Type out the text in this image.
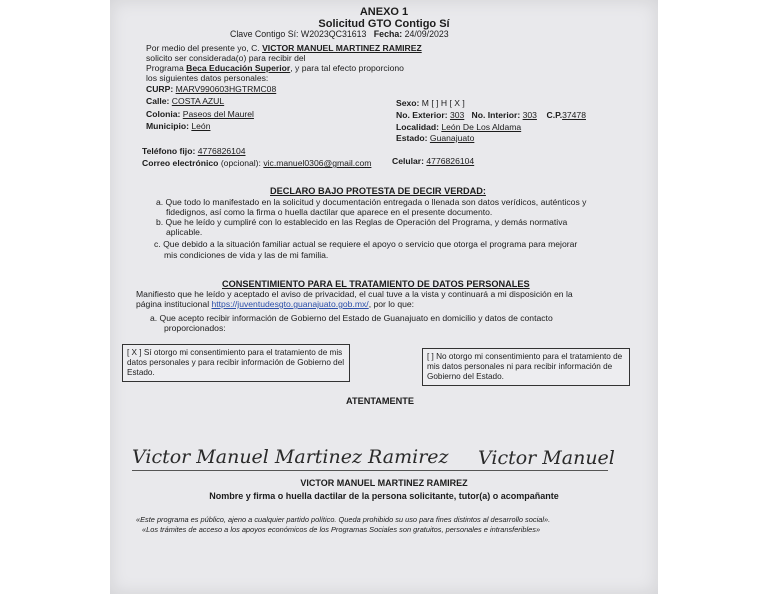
ANEXO 1
Solicitud GTO Contigo Sí
Clave Contigo Sí: W2023QC31613 Fecha: 24/09/2023
Por medio del presente yo, C. VICTOR MANUEL MARTINEZ RAMIREZ
solicito ser considerada(o) para recibir del
Programa Beca Educación Superior, y para tal efecto proporciono
los siguientes datos personales:
CURP: MARV990603HGTRMC08
Calle: COSTA AZUL
Colonia: Paseos del Maurel
Municipio: León
Sexo: M [ ] H [ X ]
No. Exterior: 303 No. Interior: 303 C.P.37478
Localidad: León De Los Aldama
Estado: Guanajuato
Teléfono fijo: 4776826104
Correo electrónico (opcional): vic.manuel0306@gmail.com Celular: 4776826104
DECLARO BAJO PROTESTA DE DECIR VERDAD:
a. Que todo lo manifestado en la solicitud y documentación entregada o llenada son datos verídicos, auténticos y
fidedignos, así como la firma o huella dactilar que aparece en el presente documento.
b. Que he leído y cumpliré con lo establecido en las Reglas de Operación del Programa, y demás normativa
aplicable.
c. Que debido a la situación familiar actual se requiere el apoyo o servicio que otorga el programa para mejorar
mis condiciones de vida y las de mi familia.
CONSENTIMIENTO PARA EL TRATAMIENTO DE DATOS PERSONALES
Manifiesto que he leído y aceptado el aviso de privacidad, el cual tuve a la vista y continuará a mi disposición en la
página institucional https://juventudesgto.guanajuato.gob.mx/, por lo que:
a. Que acepto recibir información de Gobierno del Estado de Guanajuato en domicilio y datos de contacto
proporcionados:
[ X ] Sí otorgo mi consentimiento para el tratamiento de mis datos personales y para recibir información de Gobierno del Estado.
[ ] No otorgo mi consentimiento para el tratamiento de mis datos personales ni para recibir información de Gobierno del Estado.
ATENTAMENTE
Victor Manuel Martinez Ramirez Victor Manuel
VICTOR MANUEL MARTINEZ RAMIREZ
Nombre y firma o huella dactilar de la persona solicitante, tutor(a) o acompañante
«Este programa es público, ajeno a cualquier partido político. Queda prohibido su uso para fines distintos al desarrollo social».
«Los trámites de acceso a los apoyos económicos de los Programas Sociales son gratuitos, personales e intransferibles»
